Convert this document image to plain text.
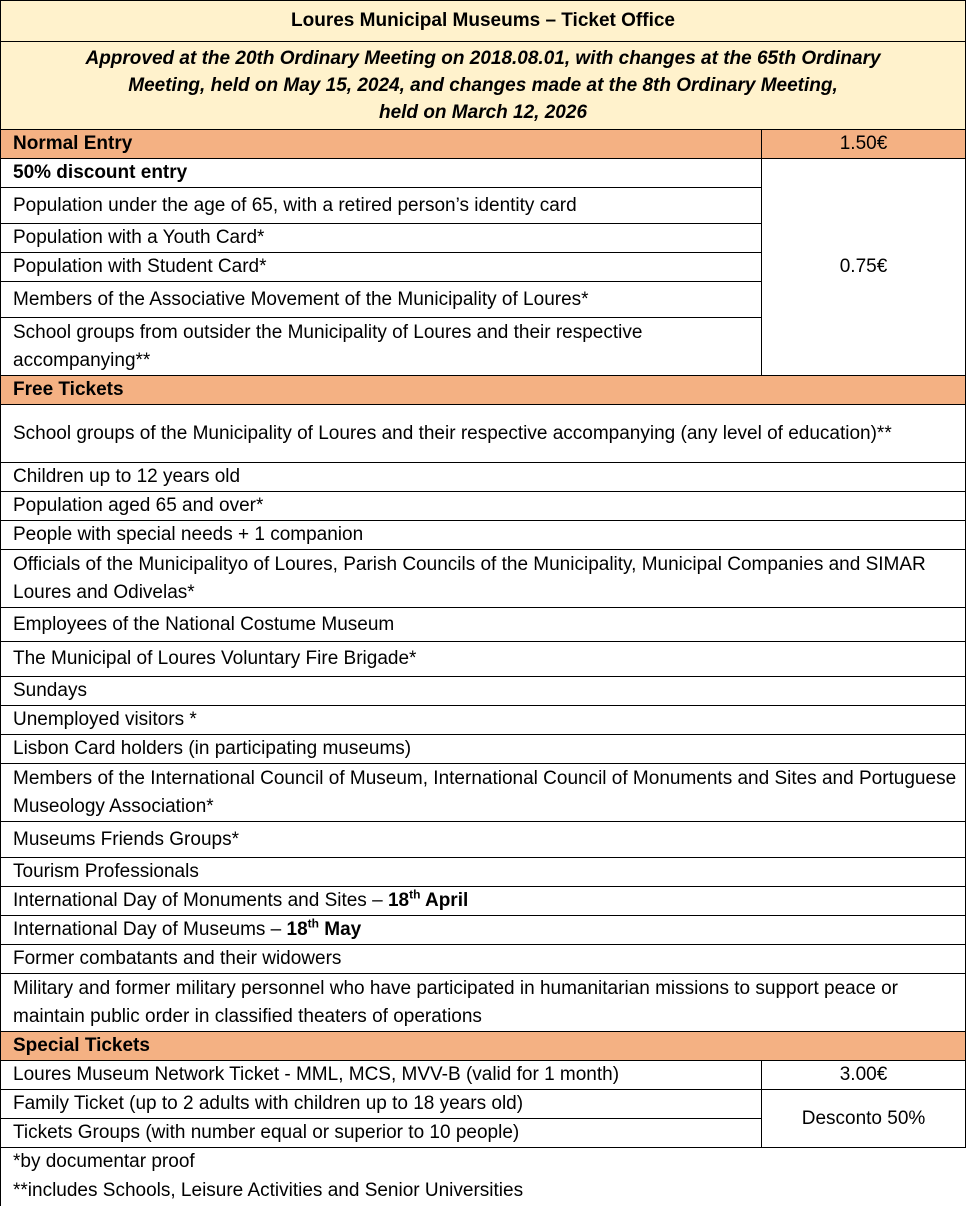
Loures Municipal Museums – Ticket Office	

Approved at the 20th Ordinary Meeting on 2018.08.01, with changes at the 65th Ordinary
Meeting, held on May 15, 2024, and changes made at the 8th Ordinary Meeting,
held on March 12, 2026	

Normal Entry	1.50€
50% discount entry	0.75€
Population under the age of 65, with a retired person’s identity card	
Population with a Youth Card*	
Population with Student Card*	
Members of the Associative Movement of the Municipality of Loures*	
School groups from outsider the Municipality of Loures and their respective accompanying**	
Free Tickets	
School groups of the Municipality of Loures and their respective accompanying (any level of education)**	
Children up to 12 years old	
Population aged 65 and over*	
People with special needs + 1 companion	
Officials of the Municipalityo of Loures, Parish Councils of the Municipality, Municipal Companies and SIMAR Loures and Odivelas*	
Employees of the National Costume Museum	
The Municipal of Loures Voluntary Fire Brigade*	
Sundays	
Unemployed visitors *	
Lisbon Card holders (in participating museums)	
Members of the International Council of Museum, International Council of Monuments and Sites and Portuguese Museology Association*	
Museums Friends Groups*	
Tourism Professionals	
International Day of Monuments and Sites – 18th April	
International Day of Museums – 18th May	
Former combatants and their widowers	
Military and former military personnel who have participated in humanitarian missions to support peace or maintain public order in classified theaters of operations	
Special Tickets	
Loures Museum Network Ticket - MML, MCS, MVV-B (valid for 1 month)	3.00€
Family Ticket (up to 2 adults with children up to 18 years old)	Desconto 50%
Tickets Groups (with number equal or superior to 10 people)	
*by documentar proof	
**includes Schools, Leisure Activities and Senior Universities	
